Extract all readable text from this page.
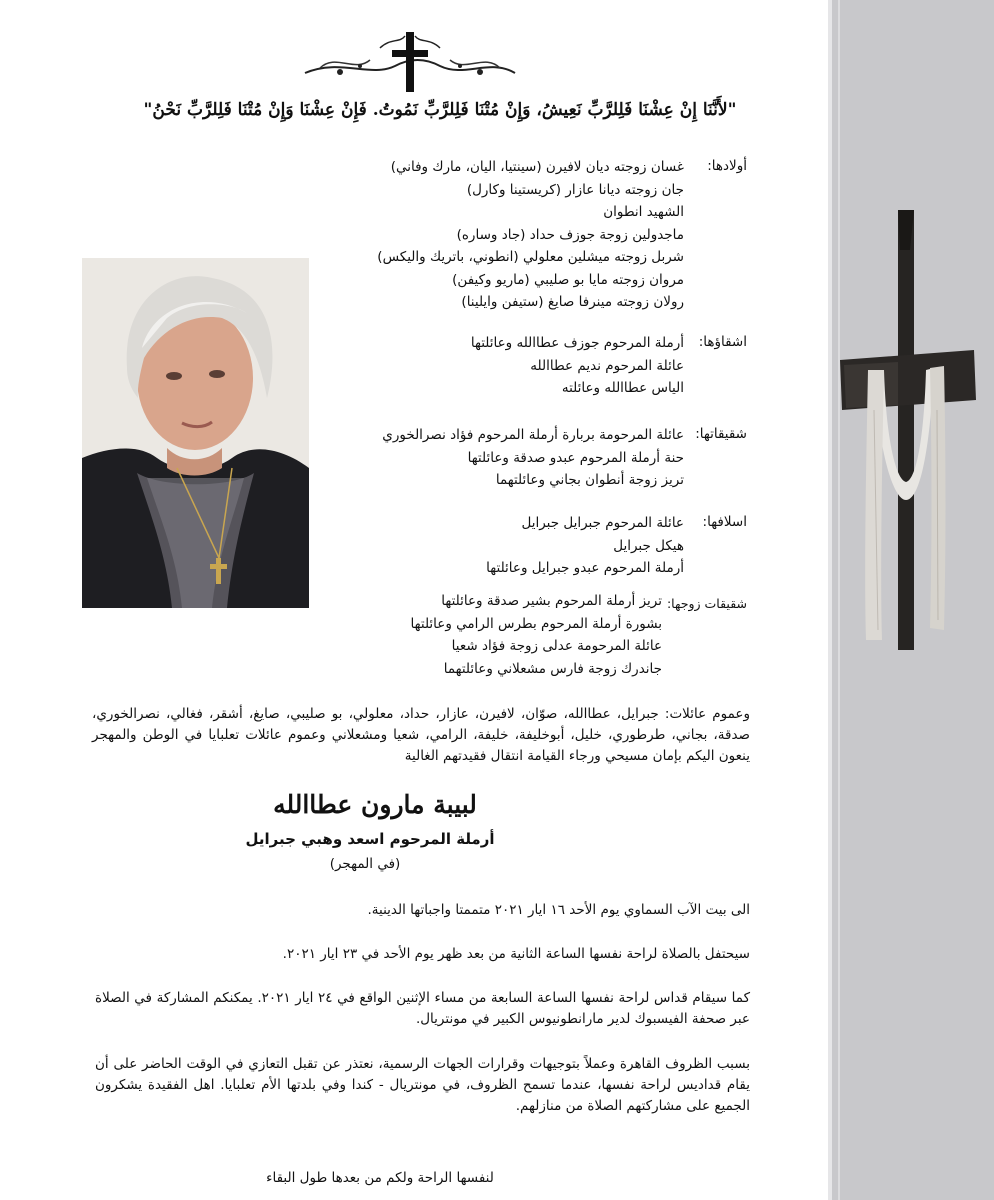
"لأَنَّنَا إِنْ عِشْنَا فَلِلرَّبِّ نَعِيشُ، وَإِنْ مُتْنَا فَلِلرَّبِّ نَمُوتُ. فَإِنْ عِشْنَا وَإِنْ مُتْنَا فَلِلرَّبِّ نَحْنُ"
أولادها:
غسان زوجته ديان لافيرن (سينتيا، اليان، مارك وفاني)
جان زوجته ديانا عازار (كريستينا وكارل)
الشهيد انطوان
ماجدولين زوجة جوزف حداد (جاد وساره)
شربل زوجته ميشلين معلولي (انطوني، باتريك واليكس)
مروان زوجته مايا بو صليبي (ماريو وكيفن)
رولان زوجته مينرفا صايغ (ستيفن وايلينا)
اشقاؤها:
أرملة المرحوم جوزف عطاالله وعائلتها
عائلة المرحوم نديم عطاالله
الياس عطاالله وعائلته
شقيقاتها:
عائلة المرحومة بربارة أرملة المرحوم فؤاد نصرالخوري
حنة أرملة المرحوم عبدو صدقة وعائلتها
تريز زوجة أنطوان بجاني وعائلتهما
اسلافها:
عائلة المرحوم جبرايل جبرايل
هيكل جبرايل
أرملة المرحوم عبدو جبرايل وعائلتها
شقيقات زوجها:
تريز أرملة المرحوم بشير صدقة وعائلتها
بشورة أرملة المرحوم بطرس الرامي وعائلتها
عائلة المرحومة عدلى زوجة فؤاد شعيا
جاندرك زوجة فارس مشعلاني وعائلتهما
وعموم عائلات: جبرايل، عطاالله، صوّان، لافيرن، عازار، حداد، معلولي، بو صليبي، صايغ، أشقر، فغالي، نصرالخوري، صدقة، بجاني، طرطوري، خليل، أبوخليفة، خليفة، الرامي، شعيا ومشعلاني وعموم عائلات تعلبايا في الوطن والمهجر ينعون اليكم بإمان مسيحي ورجاء القيامة انتقال فقيدتهم الغالية
لبيبة مارون عطاالله
أرملة المرحوم اسعد وهبي جبرايل
(في المهجر)
الى بيت الآب السماوي يوم الأحد ١٦ ايار ٢٠٢١ متممتا واجباتها الدينية.
سيحتفل بالصلاة لراحة نفسها الساعة الثانية من بعد ظهر يوم الأحد في ٢٣ ايار ٢٠٢١.
كما سيقام قداس لراحة نفسها الساعة السابعة من مساء الإثنين الواقع في ٢٤ ايار ٢٠٢١. يمكنكم المشاركة في الصلاة عبر صحفة الفيسبوك لدير مارانطونيوس الكبير في مونتريال.
بسبب الظروف القاهرة وعملاً بتوجيهات وقرارات الجهات الرسمية، نعتذر عن تقبل التعازي في الوقت الحاضر على أن يقام قداديس لراحة نفسها، عندما تسمح الظروف، في مونتريال - كندا وفي بلدتها الأم تعلبايا. اهل الفقيدة يشكرون الجميع على مشاركتهم الصلاة من منازلهم.
لنفسها الراحة ولكم من بعدها طول البقاء
